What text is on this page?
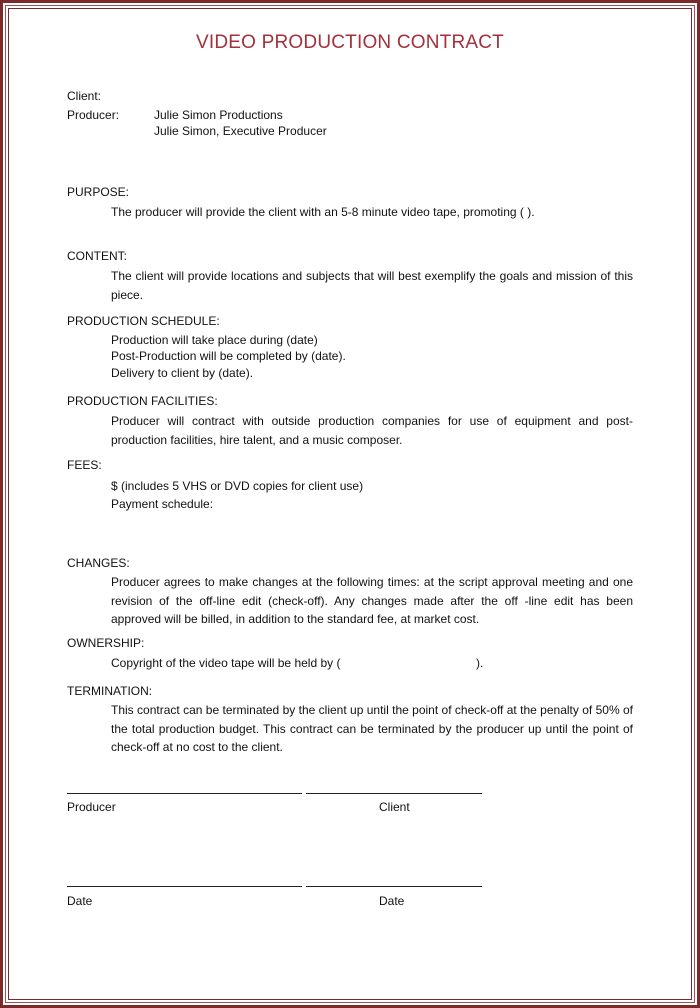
VIDEO PRODUCTION CONTRACT
Client:
Producer:	Julie Simon Productions
Julie Simon, Executive Producer
PURPOSE:
The producer will provide the client with an 5-8 minute video tape, promoting ( ).
CONTENT:
The client will provide locations and subjects that will best exemplify the goals and mission of this piece.
PRODUCTION SCHEDULE:
Production will take place during (date)
Post-Production will be completed by (date).
Delivery to client by (date).
PRODUCTION FACILITIES:
Producer will contract with outside production companies for use of equipment and post-production facilities, hire talent, and a music composer.
FEES:
$ (includes 5 VHS or DVD copies for client use)
Payment schedule:
CHANGES:
Producer agrees to make changes at the following times: at the script approval meeting and one revision of the off-line edit (check-off). Any changes made after the off -line edit has been approved will be billed, in addition to the standard fee, at market cost.
OWNERSHIP:
Copyright of the video tape will be held by (	).
TERMINATION:
This contract can be terminated by the client up until the point of check-off at the penalty of 50% of the total production budget. This contract can be terminated by the producer up until the point of check-off at no cost to the client.
Producer	Client
Date	Date
